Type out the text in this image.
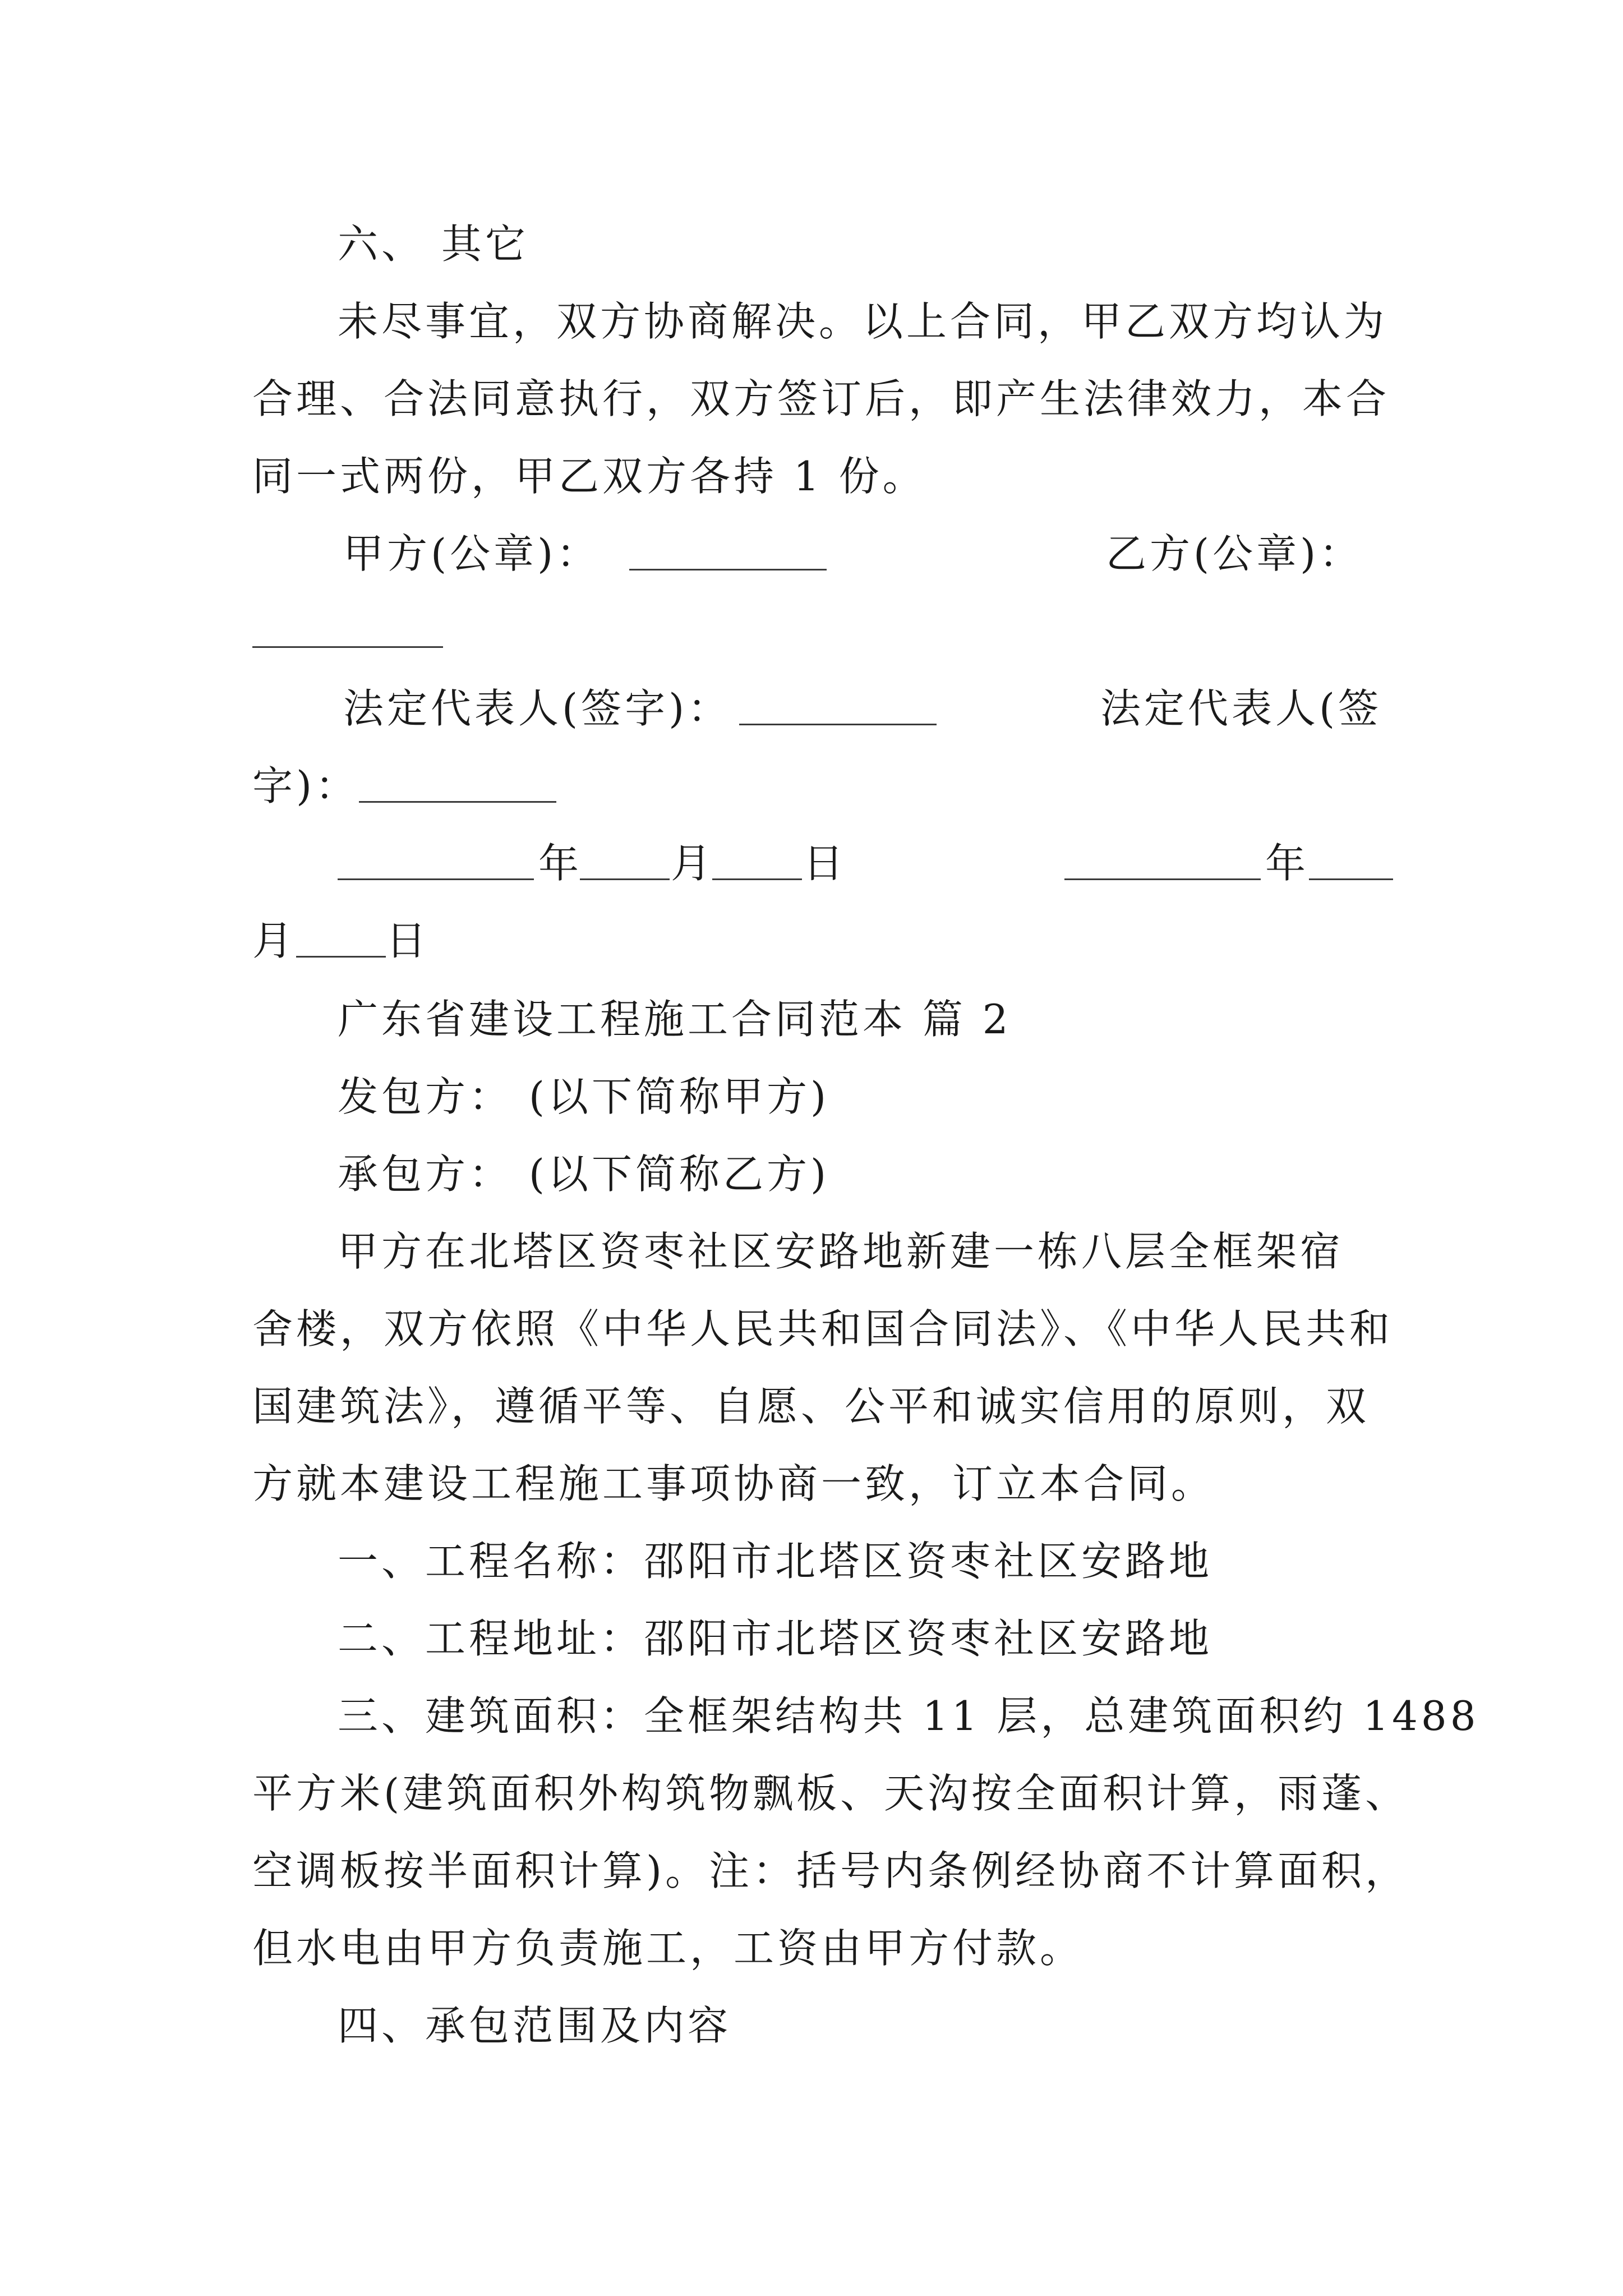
六、 其它
未尽事宜，双方协商解决。以上合同，甲乙双方均认为
合理、合法同意执行，双方签订后，即产生法律效力，本合
同一式两份，甲乙双方各持 1 份。
甲方(公章)：	乙方(公章)：
法定代表人(签字)：	法定代表人(签
字)：
年 月 日	年
月 日
广东省建设工程施工合同范本 篇 2
发包方： (以下简称甲方)
承包方： (以下简称乙方)
甲方在北塔区资枣社区安路地新建一栋八层全框架宿
舍楼，双方依照《中华人民共和国合同法》、《中华人民共和
国建筑法》，遵循平等、自愿、公平和诚实信用的原则，双
方就本建设工程施工事项协商一致，订立本合同。
一、工程名称：邵阳市北塔区资枣社区安路地
二、工程地址：邵阳市北塔区资枣社区安路地
三、建筑面积：全框架结构共 11 层，总建筑面积约 1488
平方米(建筑面积外构筑物飘板、天沟按全面积计算，雨蓬、
空调板按半面积计算)。注：括号内条例经协商不计算面积，
但水电由甲方负责施工，工资由甲方付款。
四、承包范围及内容
